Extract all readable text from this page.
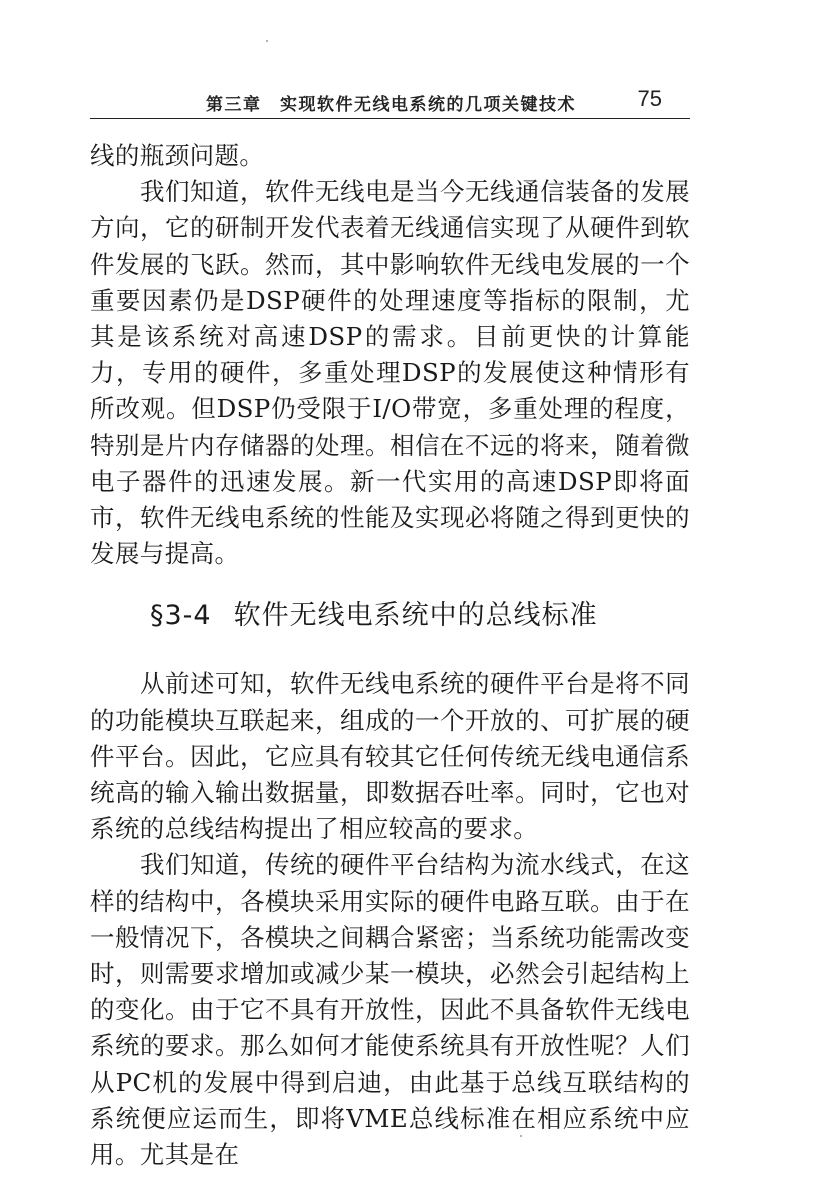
第三章　实现软件无线电系统的几项关键技术	75

线的瓶颈问题。

我们知道，软件无线电是当今无线通信装备的发展方向，它的研制开发代表着无线通信实现了从硬件到软件发展的飞跃。然而，其中影响软件无线电发展的一个重要因素仍是DSP硬件的处理速度等指标的限制，尤其是该系统对高速DSP的需求。目前更快的计算能力，专用的硬件，多重处理DSP的发展使这种情形有所改观。但DSP仍受限于I/O带宽，多重处理的程度，特别是片内存储器的处理。相信在不远的将来，随着微电子器件的迅速发展。新一代实用的高速DSP即将面市，软件无线电系统的性能及实现必将随之得到更快的发展与提高。

§3-4 软件无线电系统中的总线标准

从前述可知，软件无线电系统的硬件平台是将不同的功能模块互联起来，组成的一个开放的、可扩展的硬件平台。因此，它应具有较其它任何传统无线电通信系统高的输入输出数据量，即数据吞吐率。同时，它也对系统的总线结构提出了相应较高的要求。

我们知道，传统的硬件平台结构为流水线式，在这样的结构中，各模块采用实际的硬件电路互联。由于在一般情况下，各模块之间耦合紧密；当系统功能需改变时，则需要求增加或减少某一模块，必然会引起结构上的变化。由于它不具有开放性，因此不具备软件无线电系统的要求。那么如何才能使系统具有开放性呢？人们从PC机的发展中得到启迪，由此基于总线互联结构的系统便应运而生，即将VME总线标准在相应系统中应用。尤其是在
